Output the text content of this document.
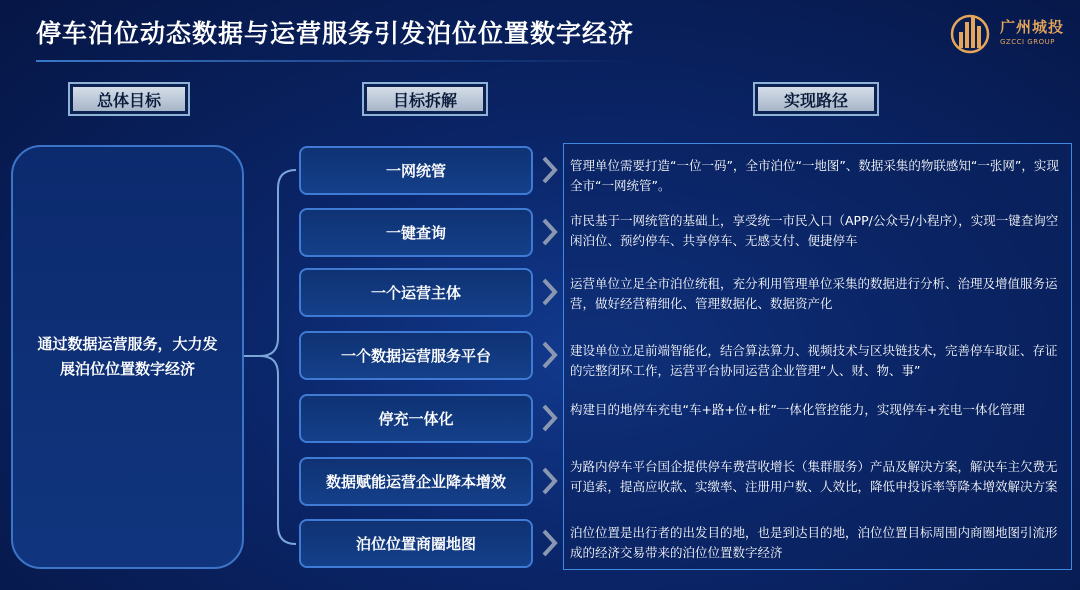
停车泊位动态数据与运营服务引发泊位位置数字经济	广州城投
GZCCI GROUP
总体目标	目标拆解	实现路径
通过数据运营服务，大力发展泊位位置数字经济
一网统管
一键查询
一个运营主体
一个数据运营服务平台
停充一体化
数据赋能运营企业降本增效
泊位位置商圈地图
管理单位需要打造“一位一码”，全市泊位“一地图”、数据采集的物联感知“一张网”，实现全市“一网统管”。
市民基于一网统管的基础上，享受统一市民入口（APP/公众号/小程序），实现一键查询空闲泊位、预约停车、共享停车、无感支付、便捷停车
运营单位立足全市泊位统租，充分利用管理单位采集的数据进行分析、治理及增值服务运营，做好经营精细化、管理数据化、数据资产化
建设单位立足前端智能化，结合算法算力、视频技术与区块链技术，完善停车取证、存证的完整闭环工作，运营平台协同运营企业管理“人、财、物、事”
构建目的地停车充电“车+路+位+桩”一体化管控能力，实现停车+充电一体化管理
为路内停车平台国企提供停车费营收增长（集群服务）产品及解决方案，解决车主欠费无可追索，提高应收款、实缴率、注册用户数、人效比，降低申投诉率等降本增效解决方案
泊位位置是出行者的出发目的地，也是到达目的地，泊位位置目标周围内商圈地图引流形成的经济交易带来的泊位位置数字经济
